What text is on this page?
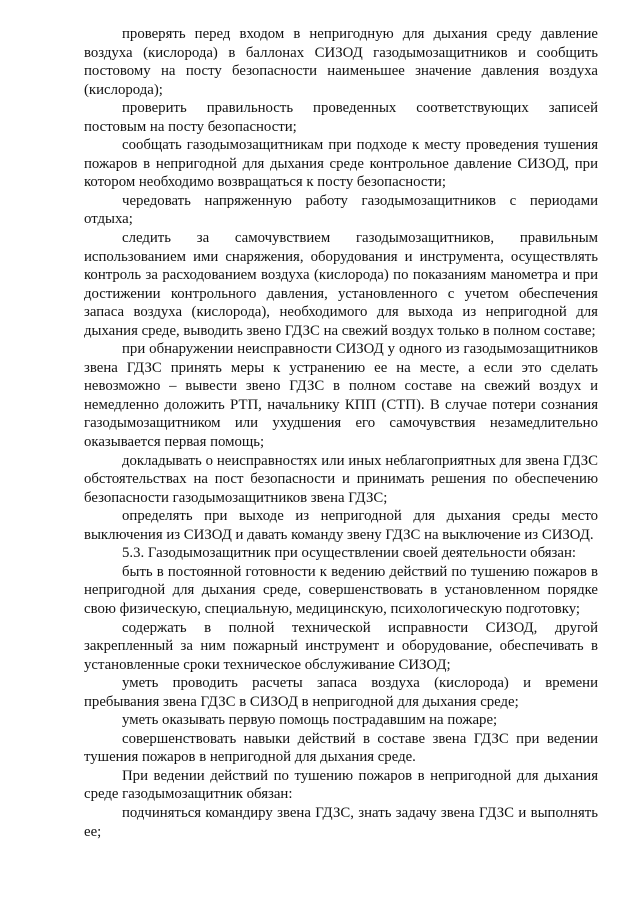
проверять перед входом в непригодную для дыхания среду давление воздуха (кислорода) в баллонах СИЗОД газодымозащитников и сообщить постовому на посту безопасности наименьшее значение давления воздуха (кислорода);

проверить правильность проведенных соответствующих записей постовым на посту безопасности;

сообщать газодымозащитникам при подходе к месту проведения тушения пожаров в непригодной для дыхания среде контрольное давление СИЗОД, при котором необходимо возвращаться к посту безопасности;

чередовать напряженную работу газодымозащитников с периодами отдыха;

следить за самочувствием газодымозащитников, правильным использованием ими снаряжения, оборудования и инструмента, осуществлять контроль за расходованием воздуха (кислорода) по показаниям манометра и при достижении контрольного давления, установленного с учетом обеспечения запаса воздуха (кислорода), необходимого для выхода из непригодной для дыхания среде, выводить звено ГДЗС на свежий воздух только в полном составе;

при обнаружении неисправности СИЗОД у одного из газодымозащитников звена ГДЗС принять меры к устранению ее на месте, а если это сделать невозможно – вывести звено ГДЗС в полном составе на свежий воздух и немедленно доложить РТП, начальнику КПП (СТП). В случае потери сознания газодымозащитником или ухудшения его самочувствия незамедлительно оказывается первая помощь;

докладывать о неисправностях или иных неблагоприятных для звена ГДЗС обстоятельствах на пост безопасности и принимать решения по обеспечению безопасности газодымозащитников звена ГДЗС;

определять при выходе из непригодной для дыхания среды место выключения из СИЗОД и давать команду звену ГДЗС на выключение из СИЗОД.

5.3. Газодымозащитник при осуществлении своей деятельности обязан:

быть в постоянной готовности к ведению действий по тушению пожаров в непригодной для дыхания среде, совершенствовать в установленном порядке свою физическую, специальную, медицинскую, психологическую подготовку;

содержать в полной технической исправности СИЗОД, другой закрепленный за ним пожарный инструмент и оборудование, обеспечивать в установленные сроки техническое обслуживание СИЗОД;

уметь проводить расчеты запаса воздуха (кислорода) и времени пребывания звена ГДЗС в СИЗОД в непригодной для дыхания среде;

уметь оказывать первую помощь пострадавшим на пожаре;

совершенствовать навыки действий в составе звена ГДЗС при ведении тушения пожаров в непригодной для дыхания среде.

При ведении действий по тушению пожаров в непригодной для дыхания среде газодымозащитник обязан:

подчиняться командиру звена ГДЗС, знать задачу звена ГДЗС и выполнять ее;
